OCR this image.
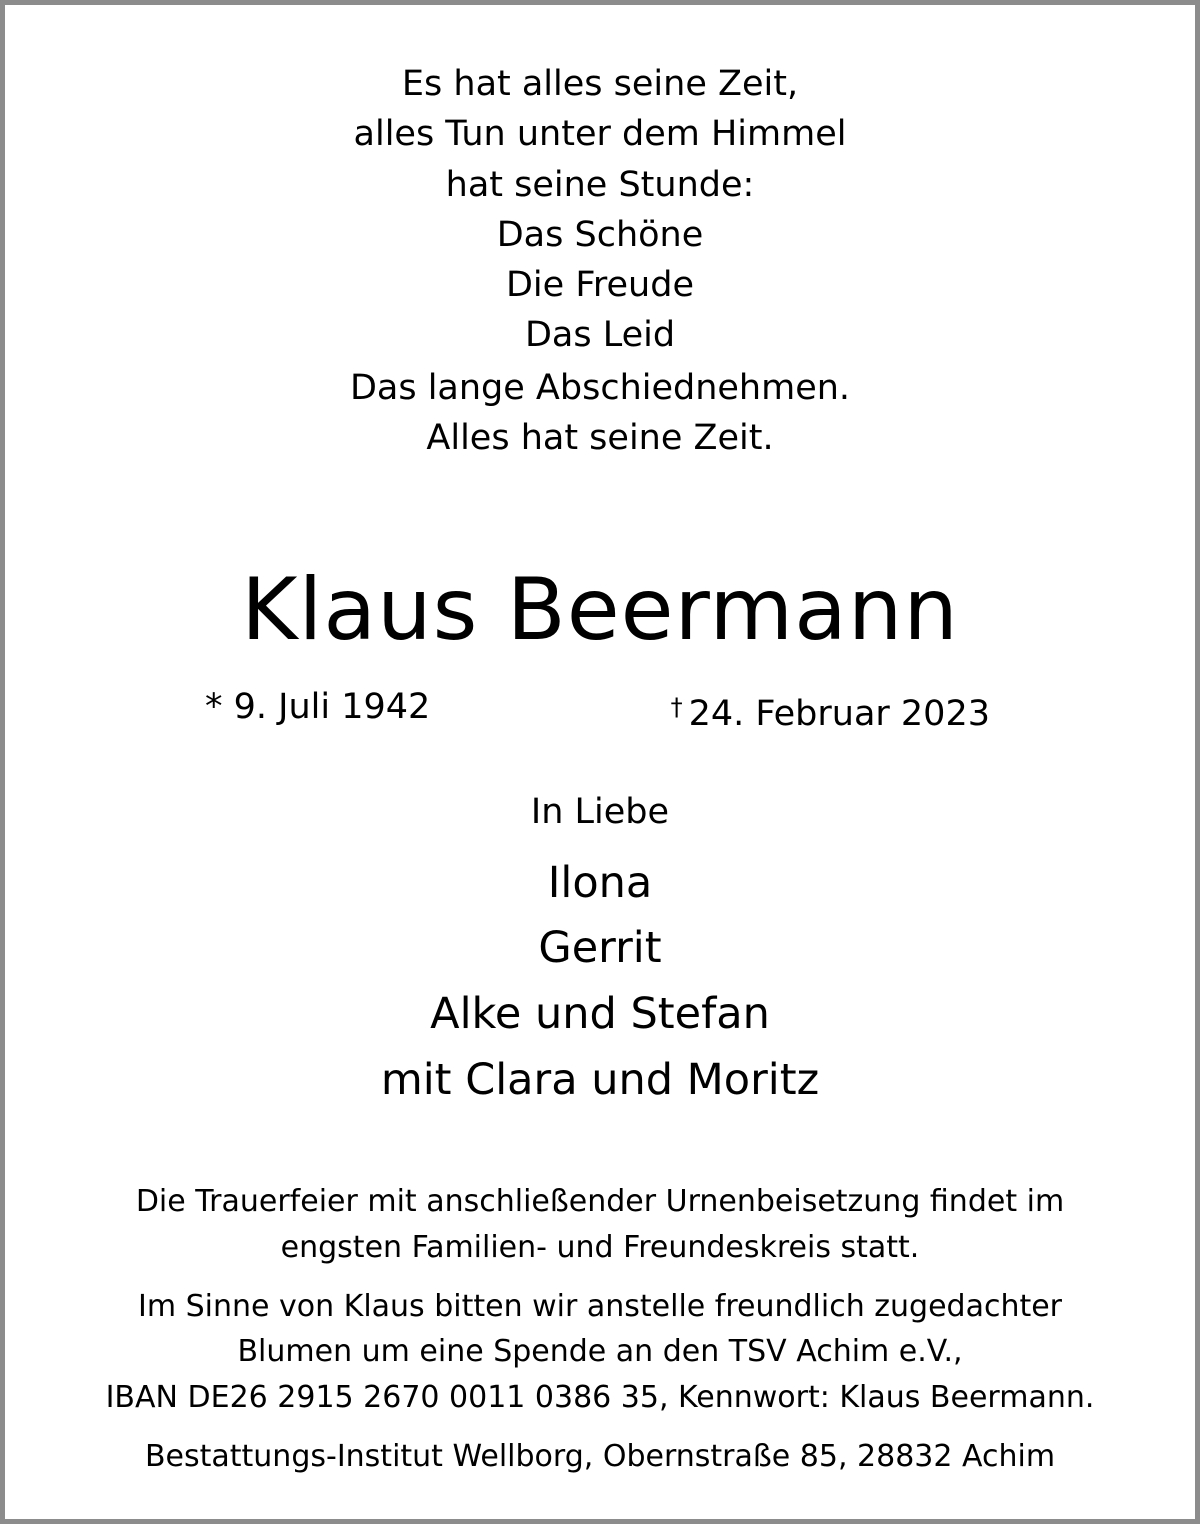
Es hat alles seine Zeit,
alles Tun unter dem Himmel
hat seine Stunde:
Das Schöne
Die Freude
Das Leid
Das lange Abschiednehmen.
Alles hat seine Zeit.
Klaus Beermann
* 9. Juli 1942	† 24. Februar 2023
In Liebe
Ilona
Gerrit
Alke und Stefan
mit Clara und Moritz
Die Trauerfeier mit anschließender Urnenbeisetzung findet im
engsten Familien- und Freundeskreis statt.
Im Sinne von Klaus bitten wir anstelle freundlich zugedachter
Blumen um eine Spende an den TSV Achim e.V.,
IBAN DE26 2915 2670 0011 0386 35, Kennwort: Klaus Beermann.
Bestattungs-Institut Wellborg, Obernstraße 85, 28832 Achim
